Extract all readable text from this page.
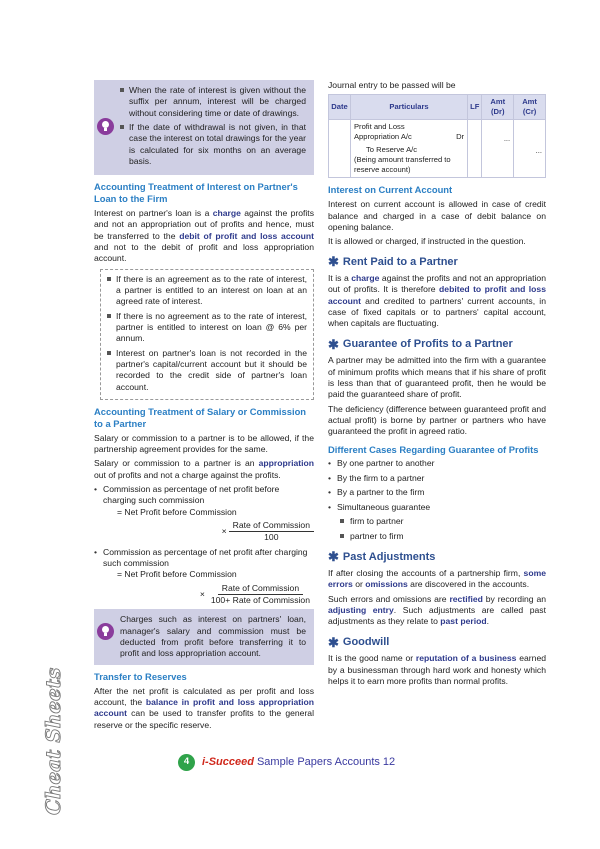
When the rate of interest is given without the suffix per annum, interest will be charged without considering time or date of drawings.
If the date of withdrawal is not given, in that case the interest on total drawings for the year is calculated for six months on an average basis.
Accounting Treatment of Interest on Partner's Loan to the Firm

Interest on partner's loan is a charge against the profits and not an appropriation out of profits and hence, must be transferred to the debit of profit and loss account and not to the debit of profit and loss appropriation account.

If there is an agreement as to the rate of interest, a partner is entitled to an interest on loan at an agreed rate of interest.
If there is no agreement as to the rate of interest, partner is entitled to interest on loan @ 6% per annum.
Interest on partner's loan is not recorded in the partner's capital/current account but it should be recorded to the credit side of partner's loan account.
Accounting Treatment of Salary or Commission to a Partner

Salary or commission to a partner is to be allowed, if the partnership agreement provides for the same.

Salary or commission to a partner is an appropriation out of profits and not a charge against the profits.

• Commission as percentage of net profit before charging such commission
= Net Profit before Commission
× $\frac{\text{Rate of Commission}}{100}$
• Commission as percentage of net profit after charging such commission
= Net Profit before Commission
× $\frac{\text{Rate of Commission}}{\text{100+ Rate of Commission}}$
Charges such as interest on partners' loan, manager's salary and commission must be deducted from profit before transferring it to profit and loss appropriation account.
Transfer to Reserves

After the net profit is calculated as per profit and loss account, the balance in profit and loss appropriation account can be used to transfer profits to the general reserve or the specific reserve.

Journal entry to be passed will be

Date	Particulars	LF	Amt (Dr)	Amt (Cr)

	Profit and Loss Appropriation A/c Dr
To Reserve A/c
(Being amount transferred to reserve account)		...	...
Interest on Current Account

Interest on current account is allowed in case of credit balance and charged in a case of debit balance on opening balance.

It is allowed or charged, if instructed in the question.

✱ Rent Paid to a Partner

It is a charge against the profits and not an appropriation out of profits. It is therefore debited to profit and loss account and credited to partners' current accounts, in case of fixed capitals or to partners' capital account, when capitals are fluctuating.

✱ Guarantee of Profits to a Partner

A partner may be admitted into the firm with a guarantee of minimum profits which means that if his share of profit is less than that of guaranteed profit, then he would be paid the guaranteed share of profit.

The deficiency (difference between guaranteed profit and actual profit) is borne by partner or partners who have guaranteed the profit in agreed ratio.

Different Cases Regarding Guarantee of Profits
• By one partner to another
• By the firm to a partner
• By a partner to the firm
• Simultaneous guarantee
firm to partner
partner to firm
✱ Past Adjustments

If after closing the accounts of a partnership firm, some errors or omissions are discovered in the accounts.

Such errors and omissions are rectified by recording an adjusting entry. Such adjustments are called past adjustments as they relate to past period.

✱ Goodwill

It is the good name or reputation of a business earned by a businessman through hard work and honesty which helps it to earn more profits than normal profits.

Cheat Sheets	4	i-Succeed Sample Papers Accounts 12
